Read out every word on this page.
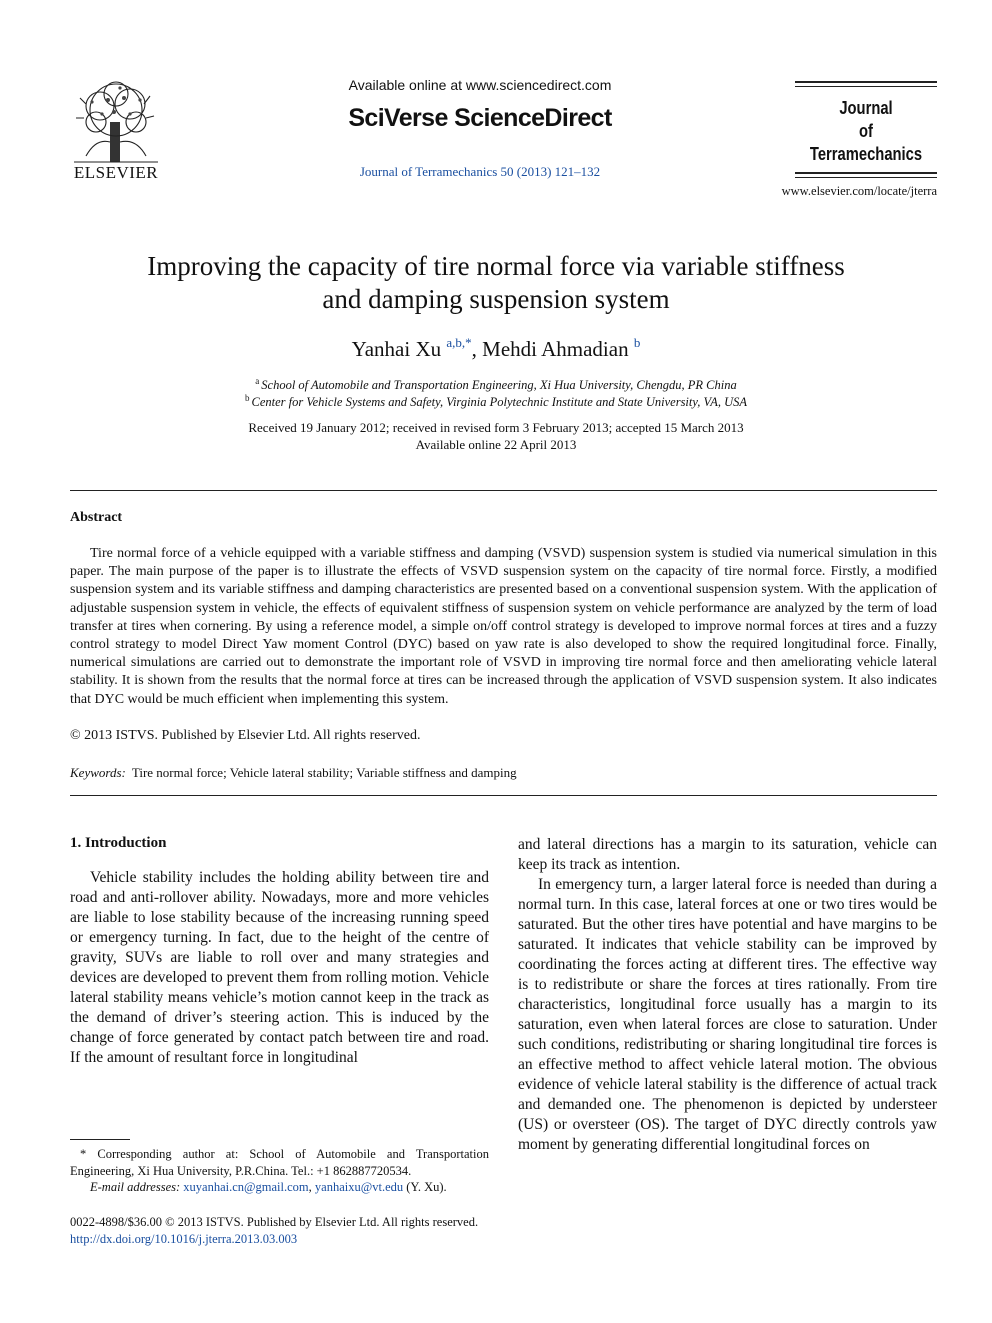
ELSEVIER
Available online at www.sciencedirect.com
SciVerse ScienceDirect
Journal of Terramechanics 50 (2013) 121–132
Journal
of
Terramechanics
www.elsevier.com/locate/jterra
Improving the capacity of tire normal force via variable stiffness
and damping suspension system
Yanhai Xu $^{a,b,*}$, Mehdi Ahmadian $^b$
$^a$ School of Automobile and Transportation Engineering, Xi Hua University, Chengdu, PR China
$^b$ Center for Vehicle Systems and Safety, Virginia Polytechnic Institute and State University, VA, USA
Received 19 January 2012; received in revised form 3 February 2013; accepted 15 March 2013
Available online 22 April 2013
Abstract
Tire normal force of a vehicle equipped with a variable stiffness and damping (VSVD) suspension system is studied via numerical simulation in this paper. The main purpose of the paper is to illustrate the effects of VSVD suspension system on the capacity of tire normal force. Firstly, a modified suspension system and its variable stiffness and damping characteristics are presented based on a conventional suspension system. With the application of adjustable suspension system in vehicle, the effects of equivalent stiffness of suspension system on vehicle performance are analyzed by the term of load transfer at tires when cornering. By using a reference model, a simple on/off control strategy is developed to improve normal forces at tires and a fuzzy control strategy to model Direct Yaw moment Control (DYC) based on yaw rate is also developed to show the required longitudinal force. Finally, numerical simulations are carried out to demonstrate the important role of VSVD in improving tire normal force and then ameliorating vehicle lateral stability. It is shown from the results that the normal force at tires can be increased through the application of VSVD suspension system. It also indicates that DYC would be much efficient when implementing this system.
© 2013 ISTVS. Published by Elsevier Ltd. All rights reserved.
Keywords: Tire normal force; Vehicle lateral stability; Variable stiffness and damping
1. Introduction
Vehicle stability includes the holding ability between tire and road and anti-rollover ability. Nowadays, more and more vehicles are liable to lose stability because of the increasing running speed or emergency turning. In fact, due to the height of the centre of gravity, SUVs are liable to roll over and many strategies and devices are developed to prevent them from rolling motion. Vehicle lateral stability means vehicle’s motion cannot keep in the track as the demand of driver’s steering action. This is induced by the change of force generated by contact patch between tire and road. If the amount of resultant force in longitudinal
and lateral directions has a margin to its saturation, vehicle can keep its track as intention.
In emergency turn, a larger lateral force is needed than during a normal turn. In this case, lateral forces at one or two tires would be saturated. But the other tires have potential and have margins to be saturated. It indicates that vehicle stability can be improved by coordinating the forces acting at different tires. The effective way is to redistribute or share the forces at tires rationally. From tire characteristics, longitudinal force usually has a margin to its saturation, even when lateral forces are close to saturation. Under such conditions, redistributing or sharing longitudinal tire forces is an effective method to affect vehicle lateral motion. The obvious evidence of vehicle lateral stability is the difference of actual track and demanded one. The phenomenon is depicted by understeer (US) or oversteer (OS). The target of DYC directly controls yaw moment by generating differential longitudinal forces on
* Corresponding author at: School of Automobile and Transportation Engineering, Xi Hua University, P.R.China. Tel.: +1 862887720534.
E-mail addresses: xuyanhai.cn@gmail.com, yanhaixu@vt.edu (Y. Xu).
0022-4898/$36.00 © 2013 ISTVS. Published by Elsevier Ltd. All rights reserved.
http://dx.doi.org/10.1016/j.jterra.2013.03.003
